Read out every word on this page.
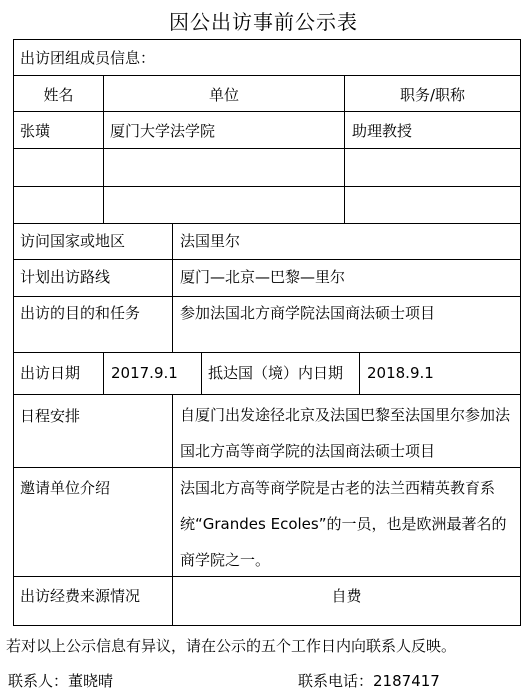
因公出访事前公示表
出访团组成员信息：
姓名	单位	职务/职称
张璜	厦门大学法学院	助理教授
访问国家或地区	法国里尔
计划出访路线	厦门—北京—巴黎—里尔
出访的目的和任务	参加法国北方商学院法国商法硕士项目
出访日期 2017.9.1 抵达国（境）内日期 2018.9.1
日程安排	自厦门出发途径北京及法国巴黎至法国里尔参加法国北方高等商学院的法国商法硕士项目
邀请单位介绍	法国北方高等商学院是古老的法兰西精英教育系统“Grandes Ecoles”的一员，也是欧洲最著名的商学院之一。
出访经费来源情况	自费
若对以上公示信息有异议，请在公示的五个工作日内向联系人反映。
联系人：董晓晴	联系电话：2187417
